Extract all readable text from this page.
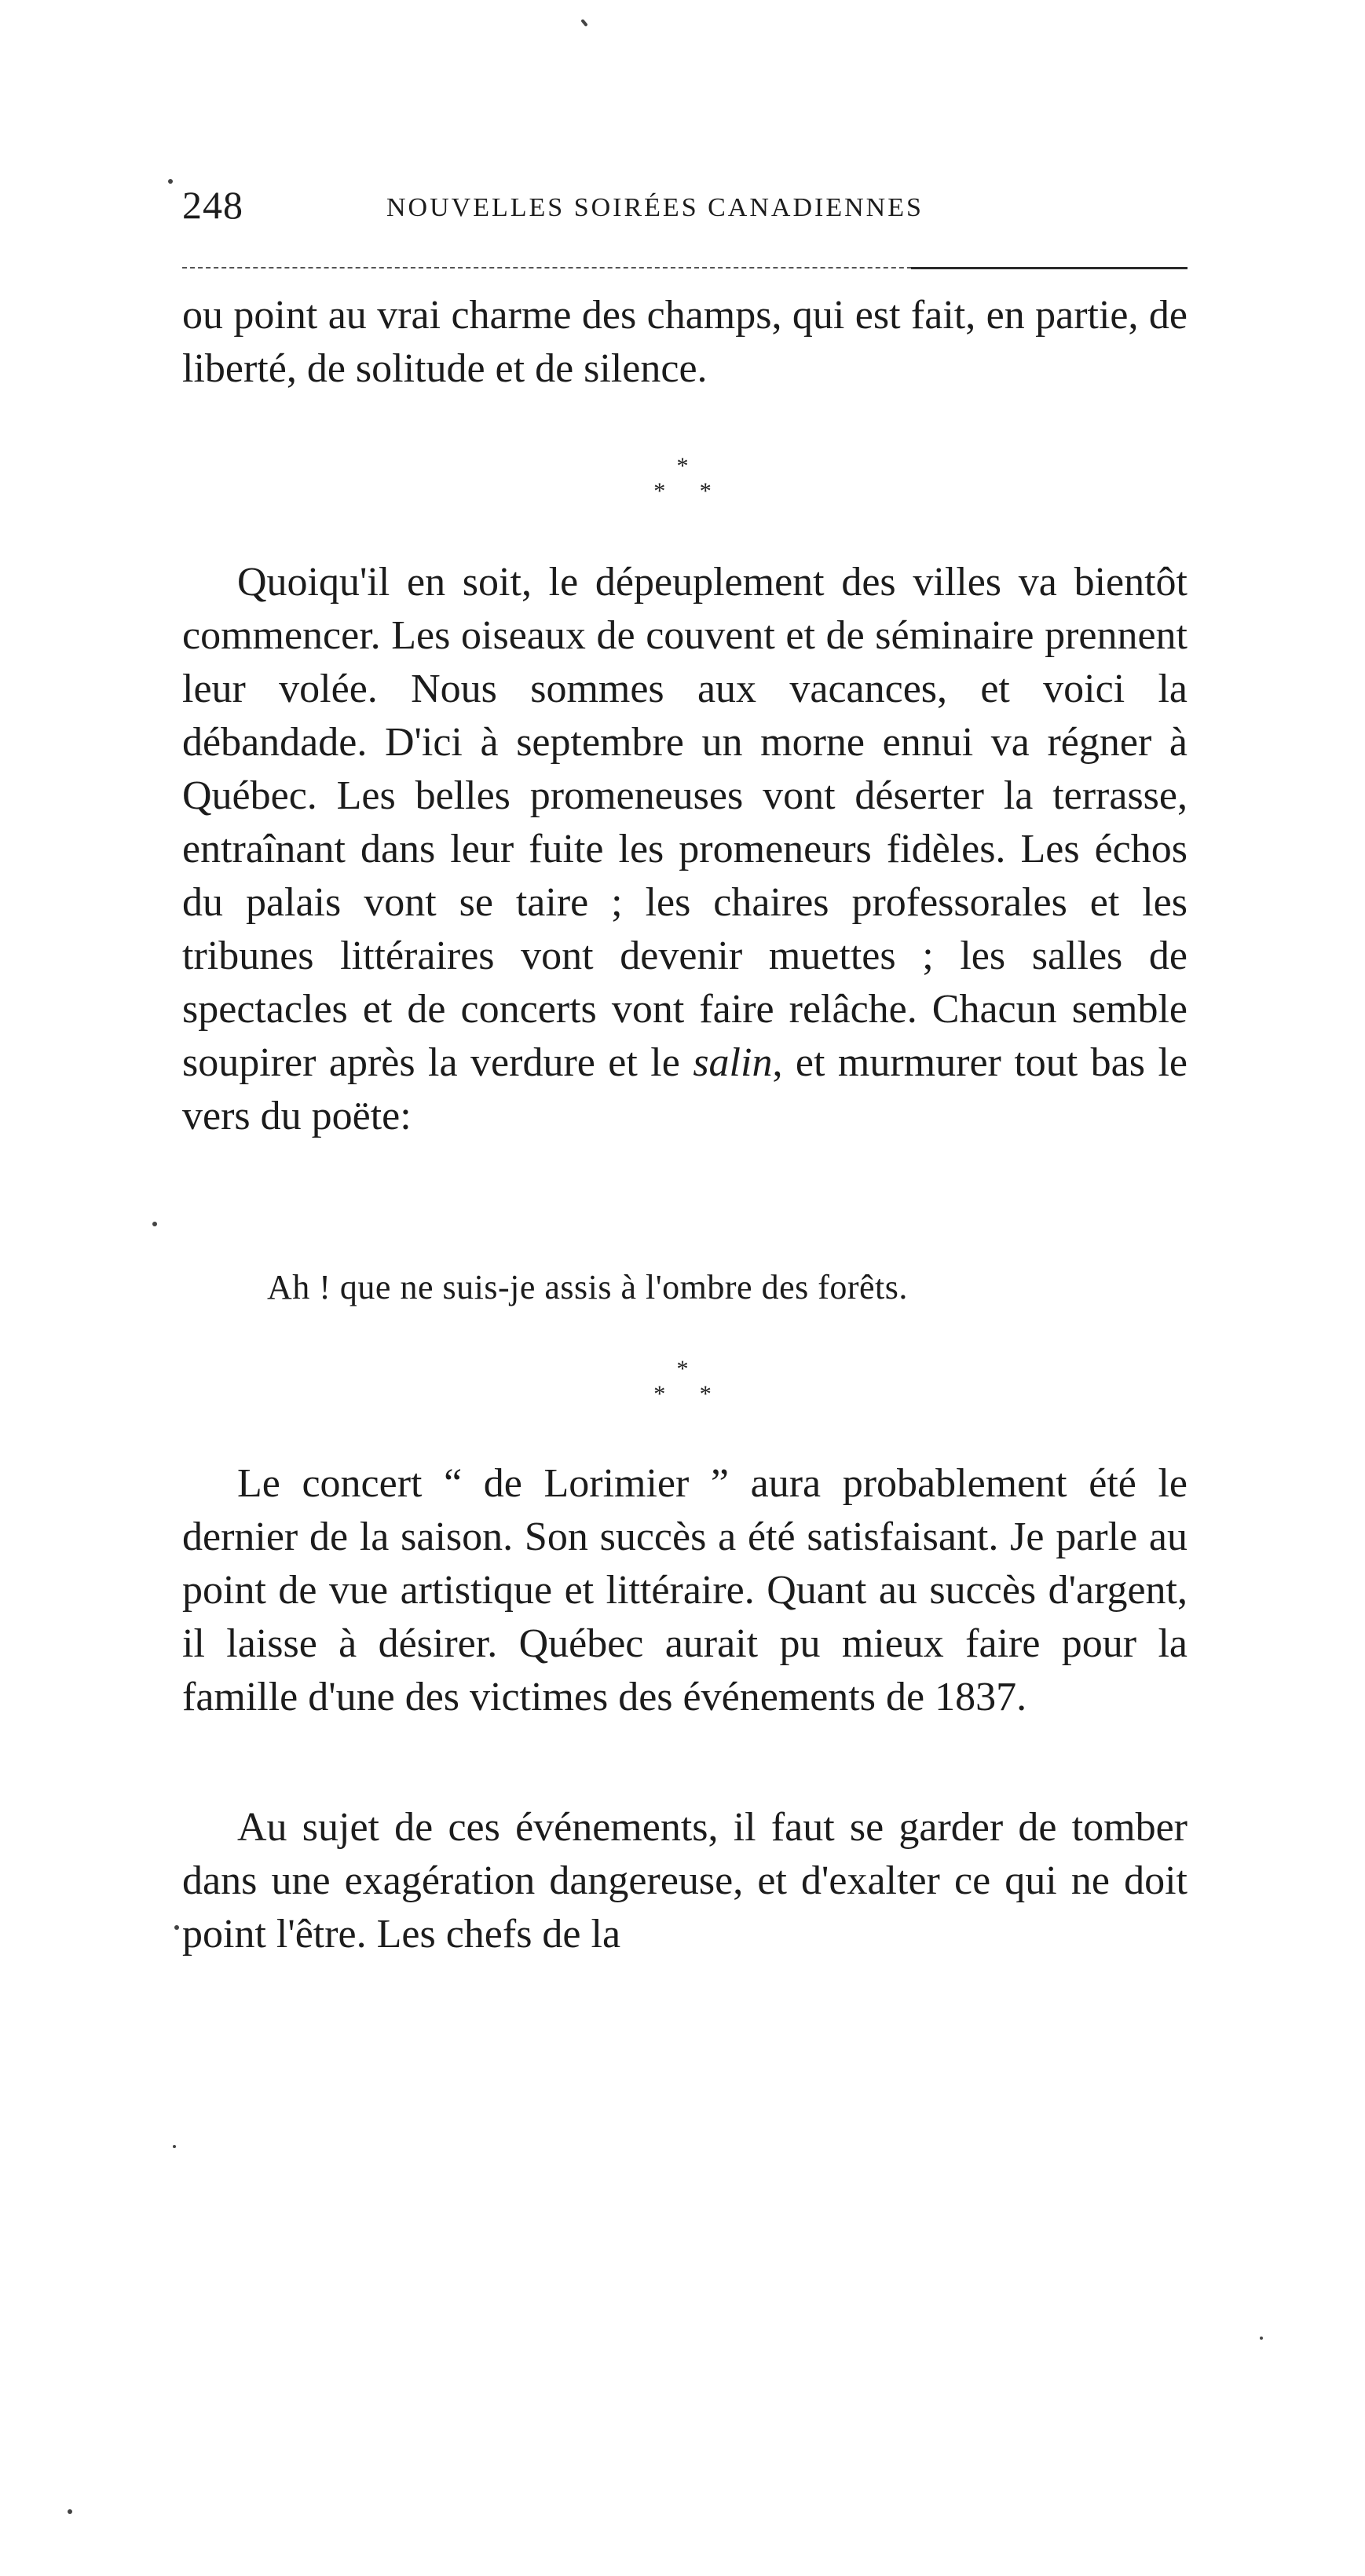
248	NOUVELLES SOIRÉES CANADIENNES

ou point au vrai charme des champs, qui est fait, en partie, de liberté, de solitude et de silence.

*
* *

Quoiqu'il en soit, le dépeuplement des villes va bientôt commencer. Les oiseaux de couvent et de séminaire prennent leur volée. Nous sommes aux vacances, et voici la débandade. D'ici à septembre un morne ennui va régner à Québec. Les belles promeneuses vont déserter la terrasse, entraînant dans leur fuite les promeneurs fidèles. Les échos du palais vont se taire ; les chaires professorales et les tribunes littéraires vont devenir muettes ; les salles de spectacles et de concerts vont faire relâche. Chacun semble soupirer après la verdure et le salin, et murmurer tout bas le vers du poëte:

Ah ! que ne suis-je assis à l'ombre des forêts.

*
* *

Le concert “ de Lorimier ” aura probablement été le dernier de la saison. Son succès a été satisfaisant. Je parle au point de vue artistique et littéraire. Quant au succès d'argent, il laisse à désirer. Québec aurait pu mieux faire pour la famille d'une des victimes des événements de 1837.

Au sujet de ces événements, il faut se garder de tomber dans une exagération dangereuse, et d'exalter ce qui ne doit point l'être. Les chefs de la
